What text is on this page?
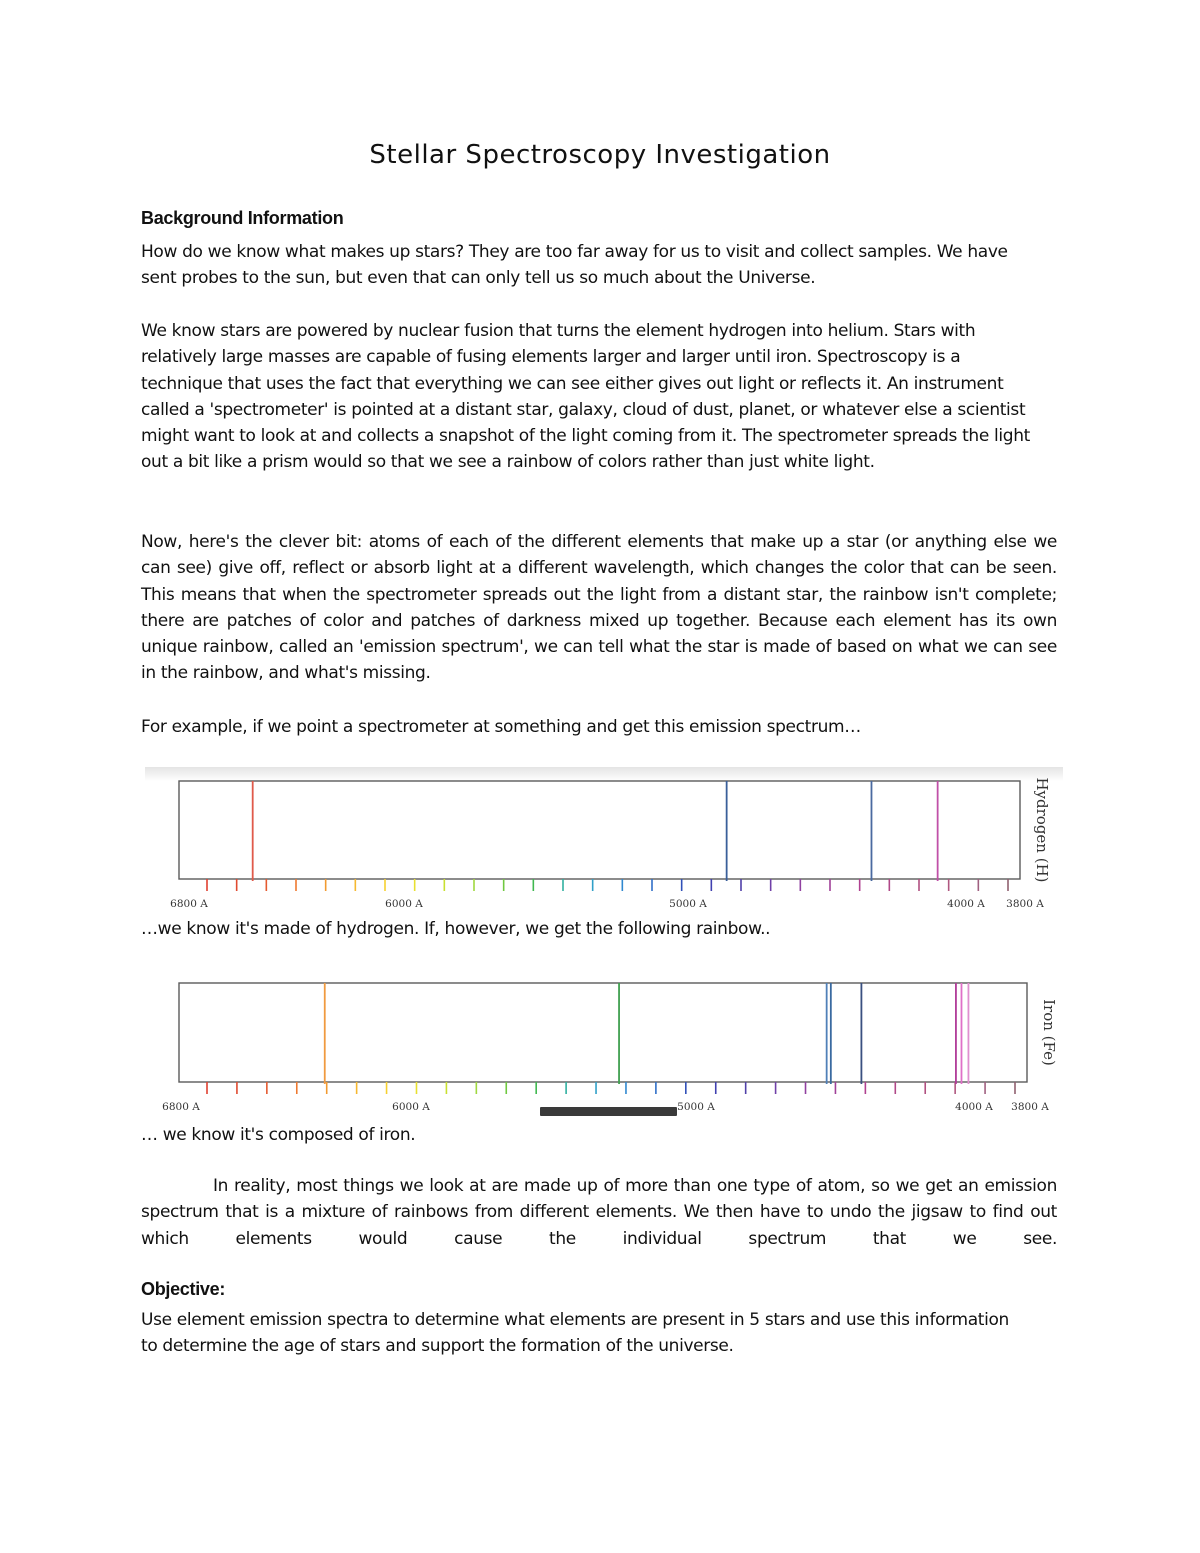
Stellar Spectroscopy Investigation
Background Information
How do we know what makes up stars? They are too far away for us to visit and collect samples. We have sent probes to the sun, but even that can only tell us so much about the Universe.
We know stars are powered by nuclear fusion that turns the element hydrogen into helium. Stars with relatively large masses are capable of fusing elements larger and larger until iron. Spectroscopy is a technique that uses the fact that everything we can see either gives out light or reflects it. An instrument called a 'spectrometer' is pointed at a distant star, galaxy, cloud of dust, planet, or whatever else a scientist might want to look at and collects a snapshot of the light coming from it. The spectrometer spreads the light out a bit like a prism would so that we see a rainbow of colors rather than just white light.
Now, here's the clever bit: atoms of each of the different elements that make up a star (or anything else we can see) give off, reflect or absorb light at a different wavelength, which changes the color that can be seen. This means that when the spectrometer spreads out the light from a distant star, the rainbow isn't complete; there are patches of color and patches of darkness mixed up together. Because each element has its own unique rainbow, called an 'emission spectrum', we can tell what the star is made of based on what we can see in the rainbow, and what's missing.
For example, if we point a spectrometer at something and get this emission spectrum…
6800 A	6000 A	5000 A	4000 A 3800 A
Hydrogen (H)
…we know it's made of hydrogen. If, however, we get the following rainbow..
6800 A	6000 A	5000 A	4000 A 3800 A
Iron (Fe)
… we know it's composed of iron.
In reality, most things we look at are made up of more than one type of atom, so we get an emission spectrum that is a mixture of rainbows from different elements. We then have to undo the jigsaw to find out which elements would cause the individual spectrum that we see.
Objective:
Use element emission spectra to determine what elements are present in 5 stars and use this information to determine the age of stars and support the formation of the universe.
